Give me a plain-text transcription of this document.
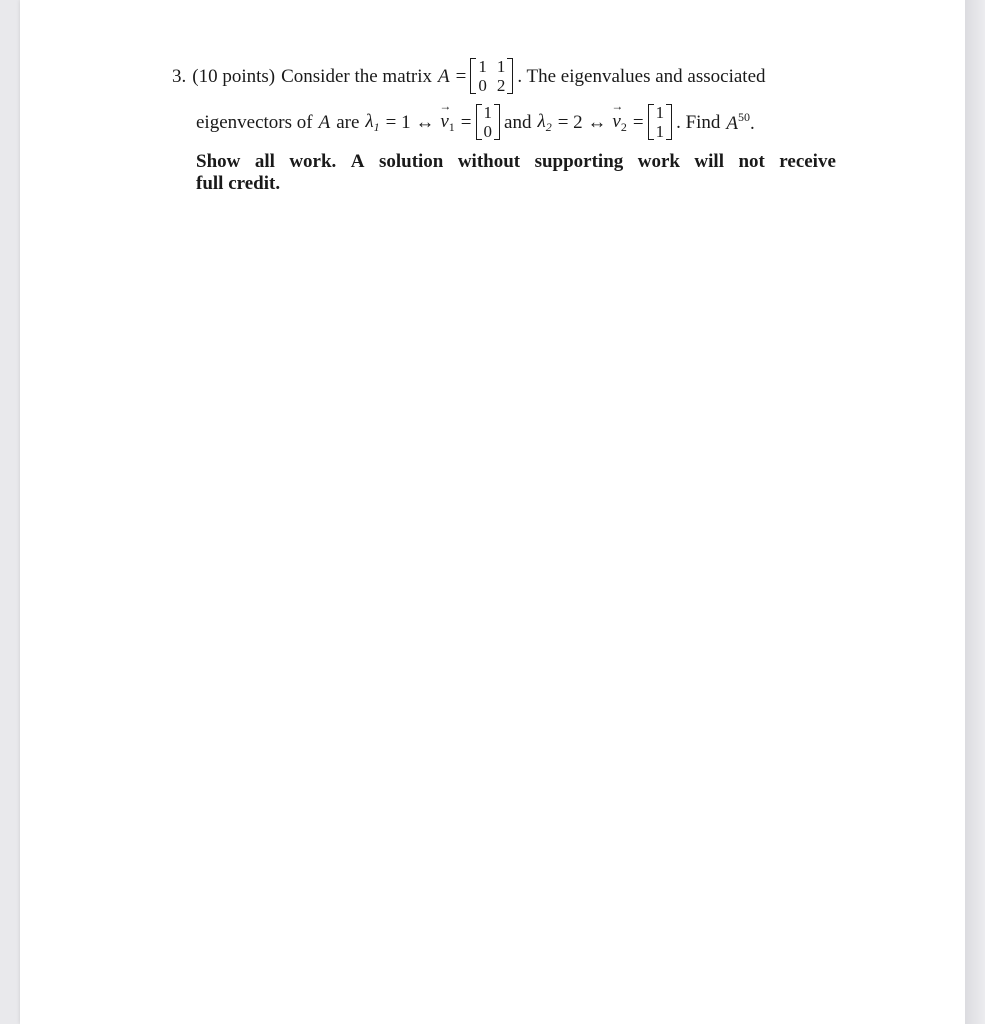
3. (10 points) Consider the matrix A = 1 1
0 2 . The eigenvalues and associated
eigenvectors of A are $\lambda_1 = 1$ ↔ → $v_1 = 1$
0 and $\lambda_2 = 2$ ↔ → $v_2 = 1$
1 . Find $A^{50}$.
Show all work. A solution without supporting work will not receive
full credit.
